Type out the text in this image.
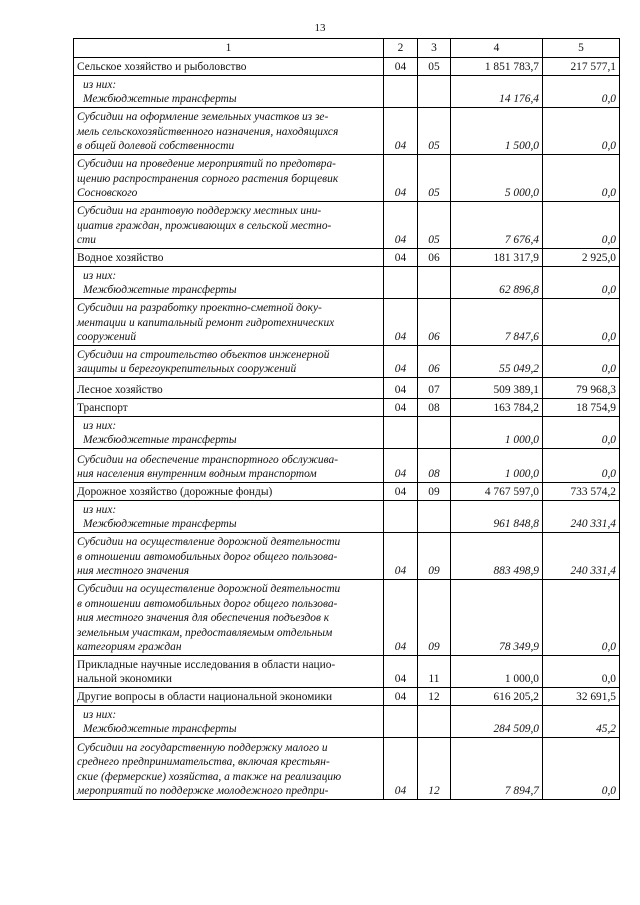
13
1	2	3	4	5

Сельское хозяйство и рыболовство	04	05	1 851 783,7	217 577,1

из них:
Межбюджетные трансферты			14 176,4	0,0

Субсидии на оформление земельных участков из зе-
мель сельскохозяйственного назначения, находящихся
в общей долевой собственности	04	05	1 500,0	0,0

Субсидии на проведение мероприятий по предотвра-
щению распространения сорного растения борщевик
Сосновского	04	05	5 000,0	0,0

Субсидии на грантовую поддержку местных ини-
циатив граждан, проживающих в сельской местно-
сти	04	05	7 676,4	0,0

Водное хозяйство	04	06	181 317,9	2 925,0

из них:
Межбюджетные трансферты			62 896,8	0,0

Субсидии на разработку проектно-сметной доку-
ментации и капитальный ремонт гидротехнических
сооружений	04	06	7 847,6	0,0

Субсидии на строительство объектов инженерной
защиты и берегоукрепительных сооружений	04	06	55 049,2	0,0

Лесное хозяйство	04	07	509 389,1	79 968,3

Транспорт	04	08	163 784,2	18 754,9

из них:
Межбюджетные трансферты			1 000,0	0,0

Субсидии на обеспечение транспортного обслужива-
ния населения внутренним водным транспортом	04	08	1 000,0	0,0

Дорожное хозяйство (дорожные фонды)	04	09	4 767 597,0	733 574,2

из них:
Межбюджетные трансферты			961 848,8	240 331,4

Субсидии на осуществление дорожной деятельности
в отношении автомобильных дорог общего пользова-
ния местного значения	04	09	883 498,9	240 331,4

Субсидии на осуществление дорожной деятельности
в отношении автомобильных дорог общего пользова-
ния местного значения для обеспечения подъездов к
земельным участкам, предоставляемым отдельным
категориям граждан	04	09	78 349,9	0,0

Прикладные научные исследования в области нацио-
нальной экономики	04	11	1 000,0	0,0

Другие вопросы в области национальной экономики	04	12	616 205,2	32 691,5

из них:
Межбюджетные трансферты			284 509,0	45,2

Субсидии на государственную поддержку малого и
среднего предпринимательства, включая крестьян-
ские (фермерские) хозяйства, а также на реализацию
мероприятий по поддержке молодежного предпри-	04	12	7 894,7	0,0
